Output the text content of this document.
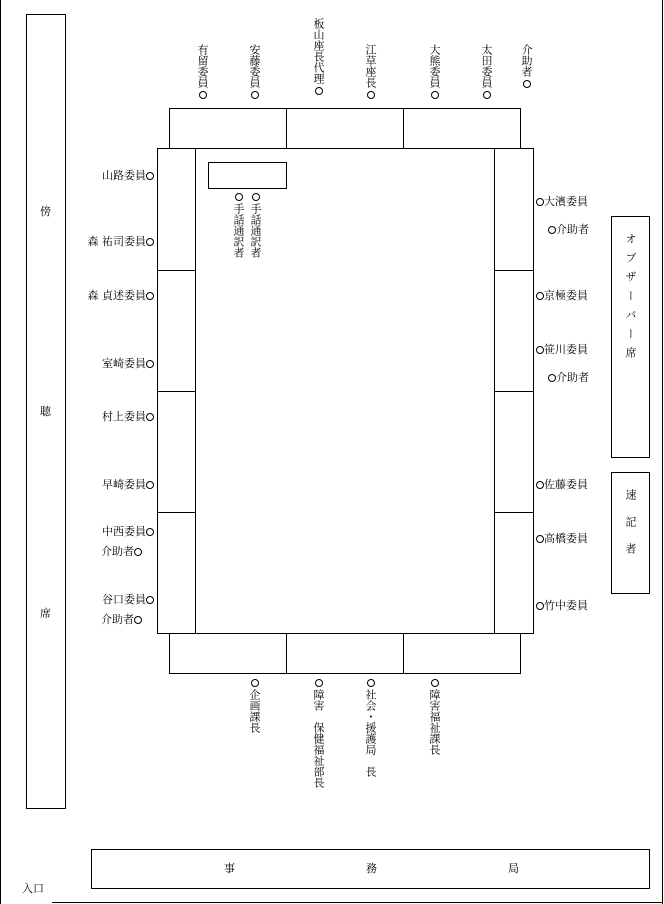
傍
聴
席
オブザーバー席
速記者
事	務	局
入口
有留委員	安藤委員	板山座長代理	江草座長	大熊委員	太田委員 介助者
手話通訳者 手話通訳者
山路委員
森 祐司委員
森 貞述委員
室崎委員
村上委員
早崎委員
中西委員
介助者
谷口委員
介助者
大濱委員
介助者
京極委員
笹川委員
介助者
佐藤委員
高橋委員
竹中委員
企画課長	障害　保健福祉部長	社会・援護局　長	障害福祉課長
